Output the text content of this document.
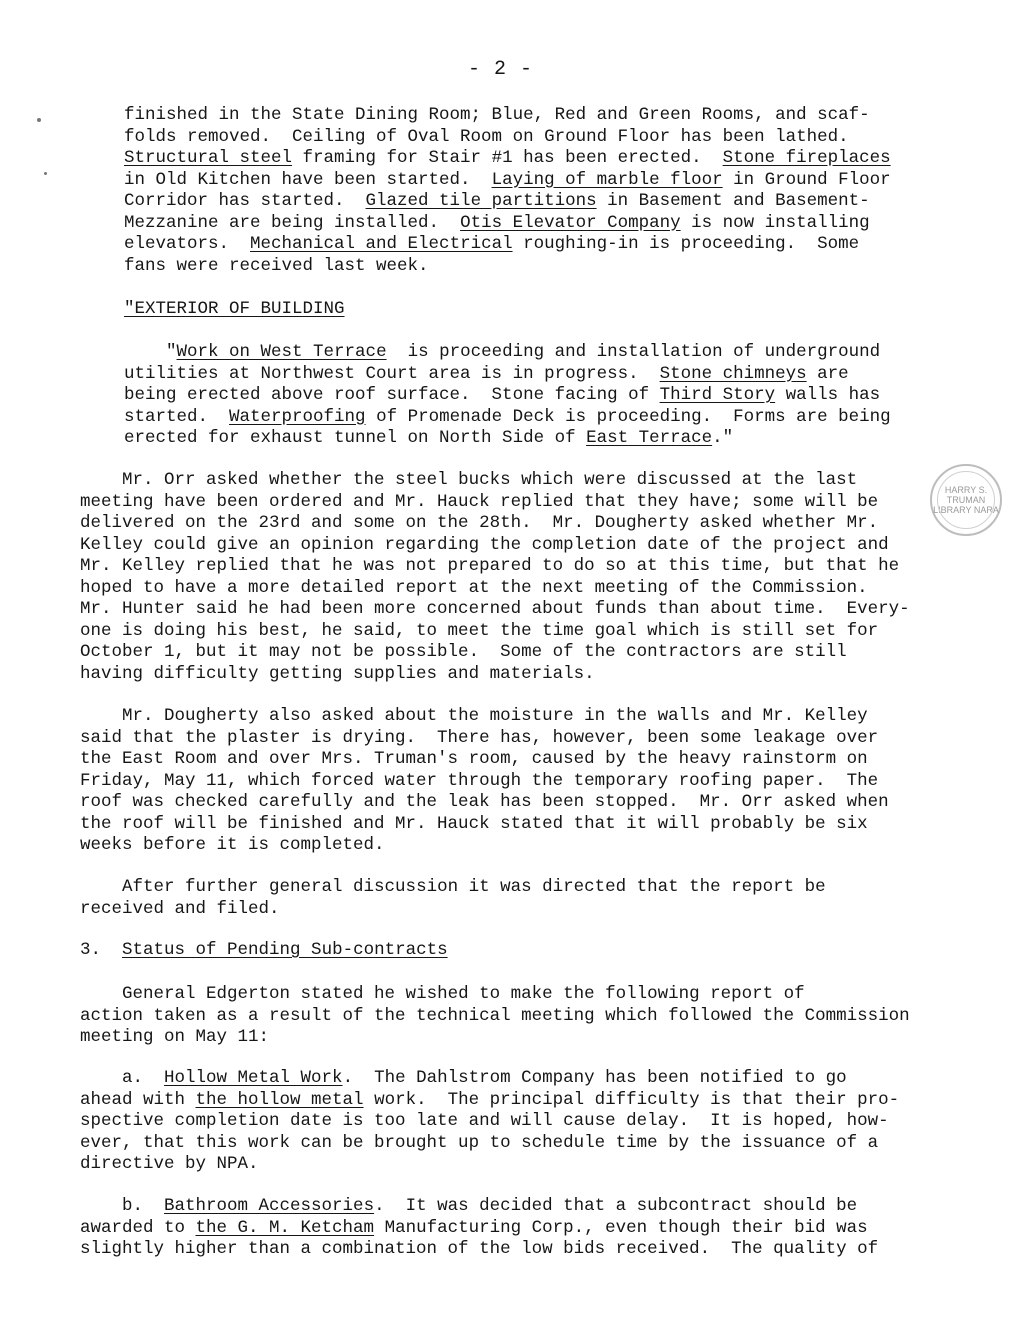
- 2 -

finished in the State Dining Room; Blue, Red and Green Rooms, and scaf-
folds removed.  Ceiling of Oval Room on Ground Floor has been lathed.
Structural steel framing for Stair #1 has been erected.  Stone fireplaces
in Old Kitchen have been started.  Laying of marble floor in Ground Floor
Corridor has started.  Glazed tile partitions in Basement and Basement-
Mezzanine are being installed.  Otis Elevator Company is now installing
elevators.  Mechanical and Electrical roughing-in is proceeding.  Some
fans were received last week.

"EXTERIOR OF BUILDING

"Work on West Terrace  is proceeding and installation of underground
utilities at Northwest Court area is in progress.  Stone chimneys are
being erected above roof surface.  Stone facing of Third Story walls has
started.  Waterproofing of Promenade Deck is proceeding.  Forms are being
erected for exhaust tunnel on North Side of East Terrace."

Mr. Orr asked whether the steel bucks which were discussed at the last
meeting have been ordered and Mr. Hauck replied that they have; some will be
delivered on the 23rd and some on the 28th.  Mr. Dougherty asked whether Mr.
Kelley could give an opinion regarding the completion date of the project and
Mr. Kelley replied that he was not prepared to do so at this time, but that he
hoped to have a more detailed report at the next meeting of the Commission.
Mr. Hunter said he had been more concerned about funds than about time.  Every-
one is doing his best, he said, to meet the time goal which is still set for
October 1, but it may not be possible.  Some of the contractors are still
having difficulty getting supplies and materials.

HARRY S. TRUMAN LIBRARY NARA

Mr. Dougherty also asked about the moisture in the walls and Mr. Kelley
said that the plaster is drying.  There has, however, been some leakage over
the East Room and over Mrs. Truman's room, caused by the heavy rainstorm on
Friday, May 11, which forced water through the temporary roofing paper.  The
roof was checked carefully and the leak has been stopped.  Mr. Orr asked when
the roof will be finished and Mr. Hauck stated that it will probably be six
weeks before it is completed.

After further general discussion it was directed that the report be
received and filed.

3. Status of Pending Sub-contracts

General Edgerton stated he wished to make the following report of
action taken as a result of the technical meeting which followed the Commission
meeting on May 11:

a.  Hollow Metal Work.  The Dahlstrom Company has been notified to go
ahead with the hollow metal work.  The principal difficulty is that their pro-
spective completion date is too late and will cause delay.  It is hoped, how-
ever, that this work can be brought up to schedule time by the issuance of a
directive by NPA.

b.  Bathroom Accessories.  It was decided that a subcontract should be
awarded to the G. M. Ketcham Manufacturing Corp., even though their bid was
slightly higher than a combination of the low bids received.  The quality of
